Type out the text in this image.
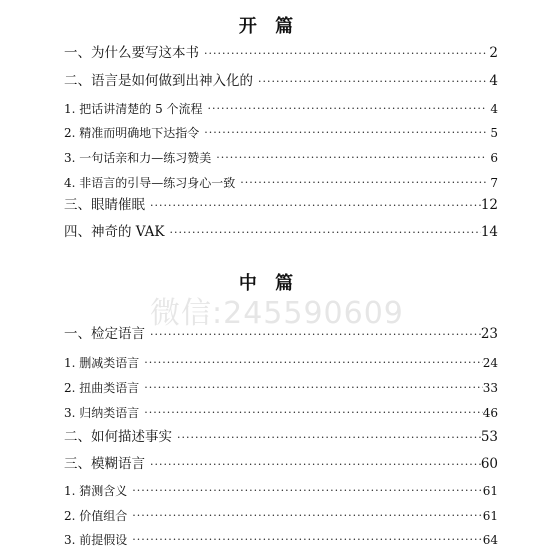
微信:245590609
开 篇
一、为什么要写这本书 ·····	2
二、语言是如何做到出神入化的 ·····	4
1. 把话讲清楚的 5 个流程 ·····	4
2. 精准而明确地下达指令 ·····	5
3. 一句话亲和力—练习赞美 ·····	6
4. 非语言的引导—练习身心一致 ·····	7
三、眼睛催眠 ·····	12
四、神奇的 VAK ·····	14
中 篇
一、检定语言 ·····	23
1. 删减类语言 ·····	24
2. 扭曲类语言 ·····	33
3. 归纳类语言 ·····	46
二、如何描述事实 ·····	53
三、模糊语言 ·····	60
1. 猜测含义 ·····	61
2. 价值组合 ·····	61
3. 前提假设 ·····	64
